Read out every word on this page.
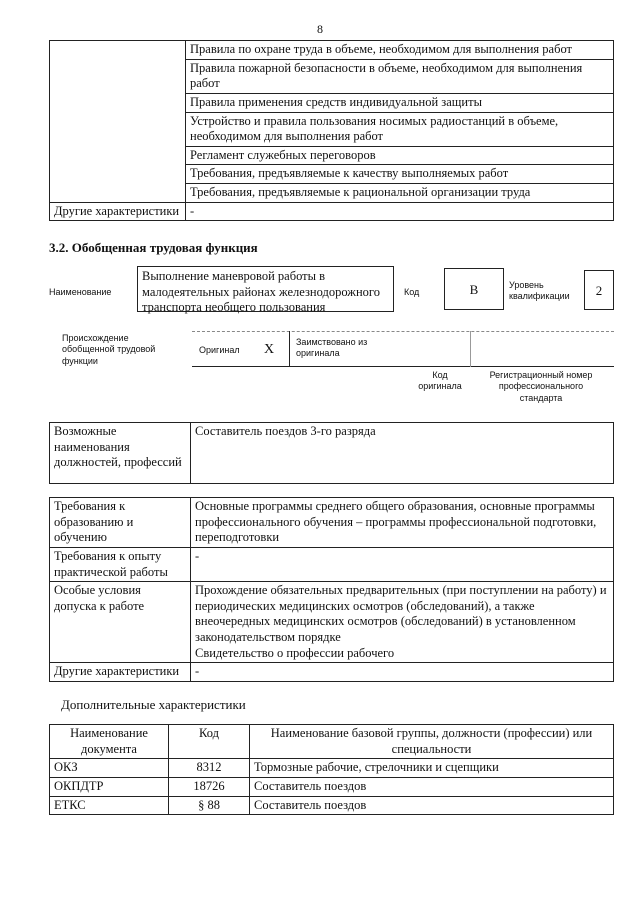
8
	Правила по охране труда в объеме, необходимом для выполнения работ
	Правила пожарной безопасности в объеме, необходимом для выполнения работ
	Правила применения средств индивидуальной защиты
	Устройство и правила пользования носимых радиостанций в объеме, необходимом для выполнения работ
	Регламент служебных переговоров
	Требования, предъявляемые к качеству выполняемых работ
	Требования, предъявляемые к рациональной организации труда
Другие характеристики	-
3.2. Обобщенная трудовая функция
Наименование
Выполнение маневровой работы в малодеятельных районах железнодорожного транспорта необщего пользования
Код	В	Уровень квалификации	2
Происхождение обобщенной трудовой функции
Оригинал X Заимствовано из оригинала
Код оригинала
Регистрационный номер профессионального стандарта
Возможные наименования должностей, профессий	Составитель поездов 3-го разряда
Требования к образованию и обучению	Основные программы среднего общего образования, основные программы профессионального обучения – программы профессиональной подготовки, переподготовки
Требования к опыту практической работы	-
Особые условия допуска к работе	Прохождение обязательных предварительных (при поступлении на работу) и периодических медицинских осмотров (обследований), а также внеочередных медицинских осмотров (обследований) в установленном законодательством порядке
Свидетельство о профессии рабочего

Другие характеристики	-
Дополнительные характеристики
Наименование документа	Код	Наименование базовой группы, должности (профессии) или специальности
ОКЗ	8312	Тормозные рабочие, стрелочники и сцепщики
ОКПДТР	18726	Составитель поездов
ЕТКС	§ 88	Составитель поездов
